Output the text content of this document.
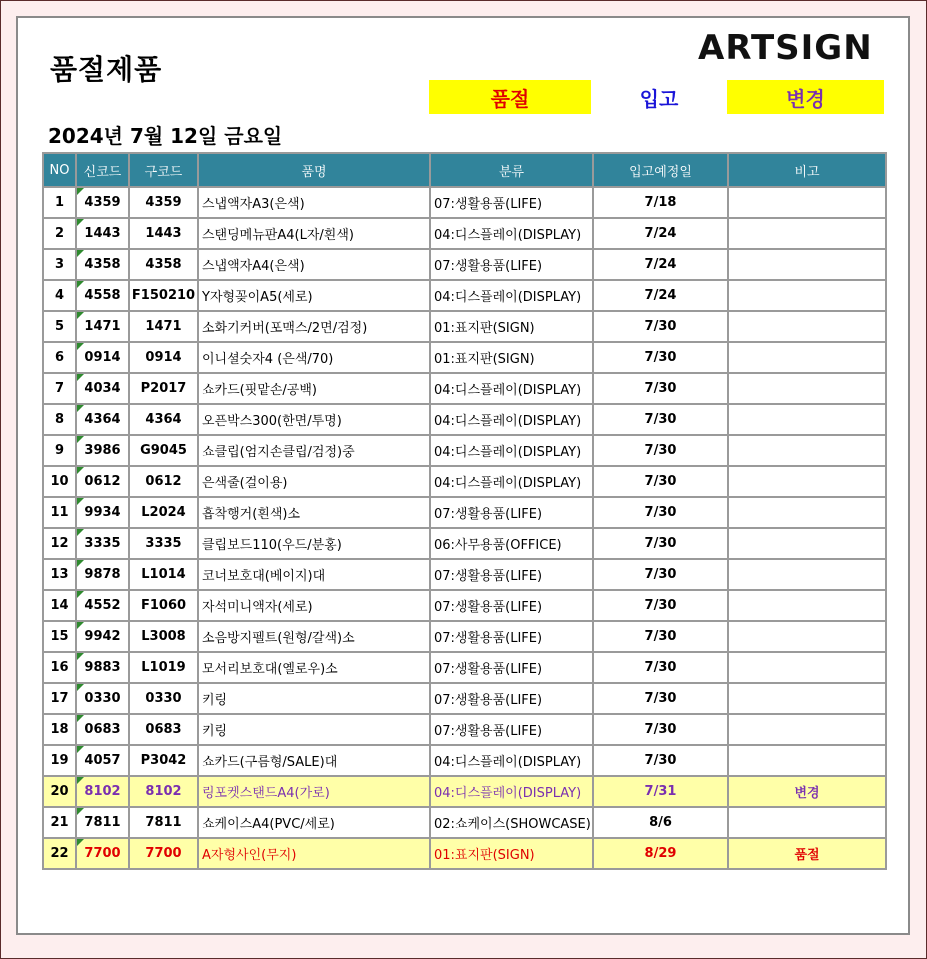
품절제품
ARTSIGN
품절	입고	변경
2024년 7월 12일 금요일
NO	신코드	구코드	품명	분류	입고예정일	비고
1	4359	4359	스냅액자A3(은색)	07:생활용품(LIFE)	7/18	
2	1443	1443	스탠딩메뉴판A4(L자/흰색)	04:디스플레이(DISPLAY)	7/24	
3	4358	4358	스냅액자A4(은색)	07:생활용품(LIFE)	7/24	
4	4558	F150210	Y자형꽂이A5(세로)	04:디스플레이(DISPLAY)	7/24	
5	1471	1471	소화기커버(포맥스/2면/검정)	01:표지판(SIGN)	7/30	
6	0914	0914	이니셜숫자4 (은색/70)	01:표지판(SIGN)	7/30	
7	4034	P2017	쇼카드(핏맡손/공백)	04:디스플레이(DISPLAY)	7/30	
8	4364	4364	오픈박스300(한면/투명)	04:디스플레이(DISPLAY)	7/30	
9	3986	G9045	쇼클립(엄지손클립/검정)중	04:디스플레이(DISPLAY)	7/30	
10	0612	0612	은색줄(걸이용)	04:디스플레이(DISPLAY)	7/30	
11	9934	L2024	흡착행거(흰색)소	07:생활용품(LIFE)	7/30	
12	3335	3335	클립보드110(우드/분홍)	06:사무용품(OFFICE)	7/30	
13	9878	L1014	코너보호대(베이지)대	07:생활용품(LIFE)	7/30	
14	4552	F1060	자석미니액자(세로)	07:생활용품(LIFE)	7/30	
15	9942	L3008	소음방지펠트(원형/갈색)소	07:생활용품(LIFE)	7/30	
16	9883	L1019	모서리보호대(옐로우)소	07:생활용품(LIFE)	7/30	
17	0330	0330	키링	07:생활용품(LIFE)	7/30	
18	0683	0683	키링	07:생활용품(LIFE)	7/30	
19	4057	P3042	쇼카드(구름형/SALE)대	04:디스플레이(DISPLAY)	7/30	
20	8102	8102	링포켓스탠드A4(가로)	04:디스플레이(DISPLAY)	7/31	변경
21	7811	7811	쇼케이스A4(PVC/세로)	02:쇼케이스(SHOWCASE)	8/6	
22	7700	7700	A자형사인(무지)	01:표지판(SIGN)	8/29	품절
